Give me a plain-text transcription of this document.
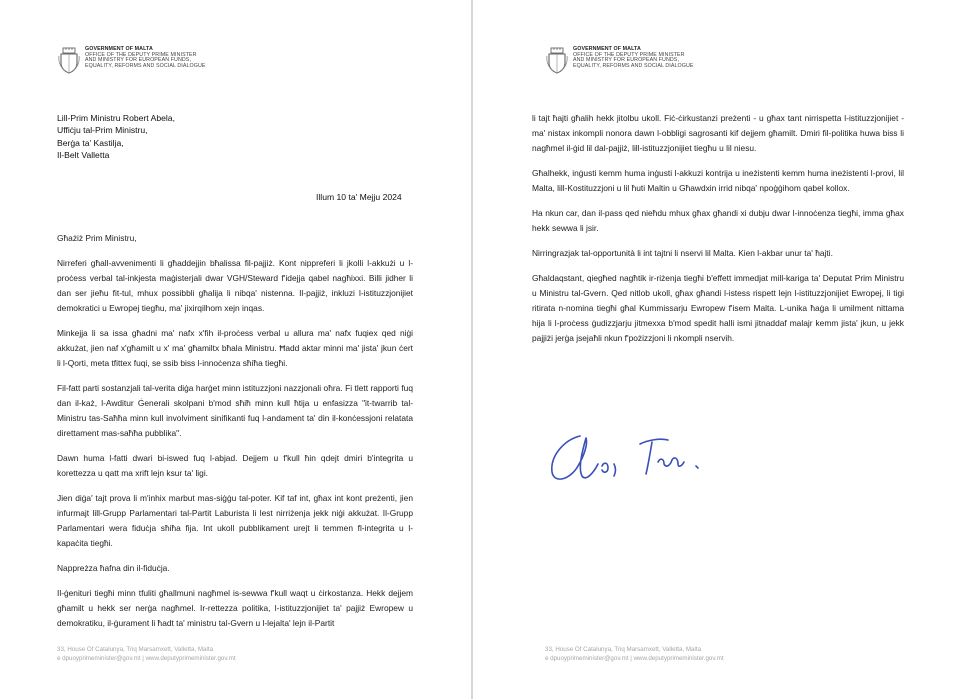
GOVERNMENT OF MALTA
OFFICE OF THE DEPUTY PRIME MINISTER
AND MINISTRY FOR EUROPEAN FUNDS,
EQUALITY, REFORMS AND SOCIAL DIALOGUE
Lill-Prim Ministru Robert Abela,
Uffiċju tal-Prim Ministru,
Berġa ta' Kastilja,
Il-Belt Valletta
Illum 10 ta' Mejju 2024

Għażiż Prim Ministru,

Nirreferi għall-avvenimenti li għaddejjin bħalissa fil-pajjiż. Kont nippreferi li jkolli l-akkużi u l-proċess verbal tal-inkjesta maġisterjali dwar VGH/Steward f'idejja qabel nagħixxi. Billi jidher li dan ser jieħu fit-tul, mhux possibbli għalija li nibqa' nistenna. Il-pajjiż, inkluzi l-istituzzjonijiet demokratici u Ewropej tiegħu, ma' jixirqilhom xejn inqas.

Minkejja li sa issa għadni ma' nafx x'fih il-proċess verbal u allura ma' nafx fuqiex qed niġi akkużat, jien naf x'għamilt u x' ma' għamiltx bħala Ministru. Ħadd aktar minni ma' jista' jkun ċert li l-Qorti, meta tfittex fuqi, se ssib biss l-innoċenza sħiħa tiegħi.

Fil-fatt parti sostanzjali tal-verita diġa harġet minn istituzzjoni nazzjonali oħra. Fi tlett rapporti fuq dan il-każ, l-Awditur Ġenerali skolpani b'mod sħiħ minn kull ħtija u enfasizza "it-twarrib tal-Ministru tas-Saħħa minn kull involviment sinifikanti fuq l-andament ta' din il-konċessjoni relatata direttament mas-saħħa pubblika".

Dawn huma l-fatti dwari bi-iswed fuq l-abjad. Dejjem u f'kull ħin qdejt dmiri b'integrita u korettezza u qatt ma xrift lejn ksur ta' ligi.

Jien diġa' tajt prova li m'inhix marbut mas-siġġu tal-poter. Kif taf int, għax int kont preżenti, jien infurmajt lill-Grupp Parlamentari tal-Partit Laburista li lest nirriżenja jekk niġi akkużat. Il-Grupp Parlamentari wera fiduċja sħiħa fija. Int ukoll pubblikament urejt li temmen fl-integrita u l-kapaċita tiegħi.

Nappreżza ħafna din il-fiduċja.

Il-ġenituri tiegħi minn tfuliti għallmuni nagħmel is-sewwa f'kull waqt u ċirkostanza. Hekk dejjem għamilt u hekk ser nerġa nagħmel. Ir-rettezza politika, l-istituzzjonijiet ta' pajjiż Ewropew u demokratiku, il-ġurament li ħadt ta' ministru tal-Gvern u l-lejalta' lejn il-Partit

33, House Of Catalunya, Triq Marsamxett, Valletta, Malta
e dpuoyprimeminister@gov.mt | www.deputyprimeminister.gov.mt
GOVERNMENT OF MALTA
OFFICE OF THE DEPUTY PRIME MINISTER
AND MINISTRY FOR EUROPEAN FUNDS,
EQUALITY, REFORMS AND SOCIAL DIALOGUE

li tajt ħajti għalih hekk jitolbu ukoll. Fiċ-ċirkustanzi preżenti - u għax tant nirrispetta l-istituzzjonijiet - ma' nistax inkompli nonora dawn l-obbligi sagrosanti kif dejjem għamilt. Dmiri fil-politika huwa biss li nagħmel il-ġid lil dal-pajjiż, lill-istituzzjonijiet tiegħu u lil niesu.

Għalhekk, inġusti kemm huma inġusti l-akkuzi kontrija u ineżistenti kemm huma ineżistenti l-provi, lil Malta, lill-Kostituzzjoni u lil ħuti Maltin u Għawdxin irrid nibqa' npoġġihom qabel kollox.

Ha nkun car, dan il-pass qed nieħdu mhux għax għandi xi dubju dwar l-innoċenza tiegħi, imma għax hekk sewwa li jsir.

Nirringrazjak tal-opportunità li int tajtni li nservi lil Malta. Kien l-akbar unur ta' ħajti.

Għaldaqstant, qiegħed nagħtik ir-riżenja tiegħi b'effett immedjat mill-kariga ta' Deputat Prim Ministru u Ministru tal-Gvern. Qed nitlob ukoll, għax għandi l-istess rispett lejn l-istituzzjonijiet Ewropej, li tigi ritirata n-nomina tiegħi għal Kummissarju Ewropew f'isem Malta. L-unika ħaġa li umilment nittama hija li l-proċess ġudizzjarju jitmexxa b'mod spedit halli ismi jitnaddaf malajr kemm jista' jkun, u jekk pajjiżi jerġa jsejaħli nkun f'pożizzjoni li nkompli nservih.

33, House Of Catalunya, Triq Marsamxett, Valletta, Malta
e dpuoyprimeminister@gov.mt | www.deputyprimeminister.gov.mt
